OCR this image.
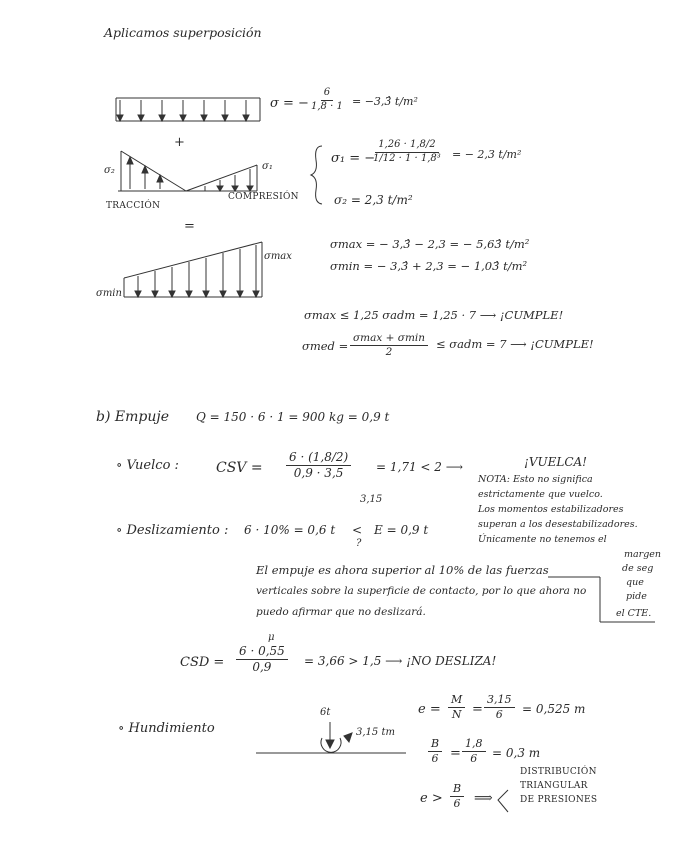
Aplicamos superposición
σ = − $\frac{6}{1,8 \cdot 1}$ = −3,3̂ t/m²
+
σ₂	σ₁
TRACCIÓN
COMPRESIÓN
σ₁ = −
$\frac{1,26 \cdot 1,8/2}{\text{1/12 · 1 · 1,8³}}$ = − 2,3 t/m²
σ₂ = 2,3 t/m²
=
σmax
σmin
σmax = − 3,3̂ − 2,3 = − 5,63̂ t/m²
σmin = − 3,3̂ + 2,3 = − 1,03̂ t/m²
σmax ≤ 1,25 σadm = 1,25 · 7 ⟶ ¡CUMPLE!
σmed =
σmax + σmin
2
≤ σadm = 7 ⟶ ¡CUMPLE!
b) Empuje Q = 150 · 6 · 1 = 900 kg = 0,9 t
∘ Vuelco :	CSV = $\frac{6 \cdot (1,8/2)}{0,9 \cdot 3,5}$
3,15
= 1,71 < 2 ⟶	¡VUELCA!
NOTA: Esto no significa
estrictamente que vuelco.
Los momentos estabilizadores
superan a los desestabilizadores.
Únicamente no tenemos el
margen
de seg
que
pide
el CTE.
∘ Deslizamiento : 6 · 10% = 0,6 t <
?
E = 0,9 t
El empuje es ahora superior al 10% de las fuerzas
verticales sobre la superficie de contacto, por lo que ahora no
puedo afirmar que no deslizará.
CSD =
μ
$\frac{6 \cdot 0,55}{0,9} = 3,66 > 1,5$ ⟶ ¡NO DESLIZA!
∘ Hundimiento
6t
3,15 tm
$e = \frac{M}{N} = \frac{3,15}{6} = 0,525$ m
$\frac{B}{6} = \frac{1,8}{6} = 0,3$ m
$e > \frac{B}{6}$ ⟹
DISTRIBUCIÓN
TRIANGULAR
DE PRESIONES
